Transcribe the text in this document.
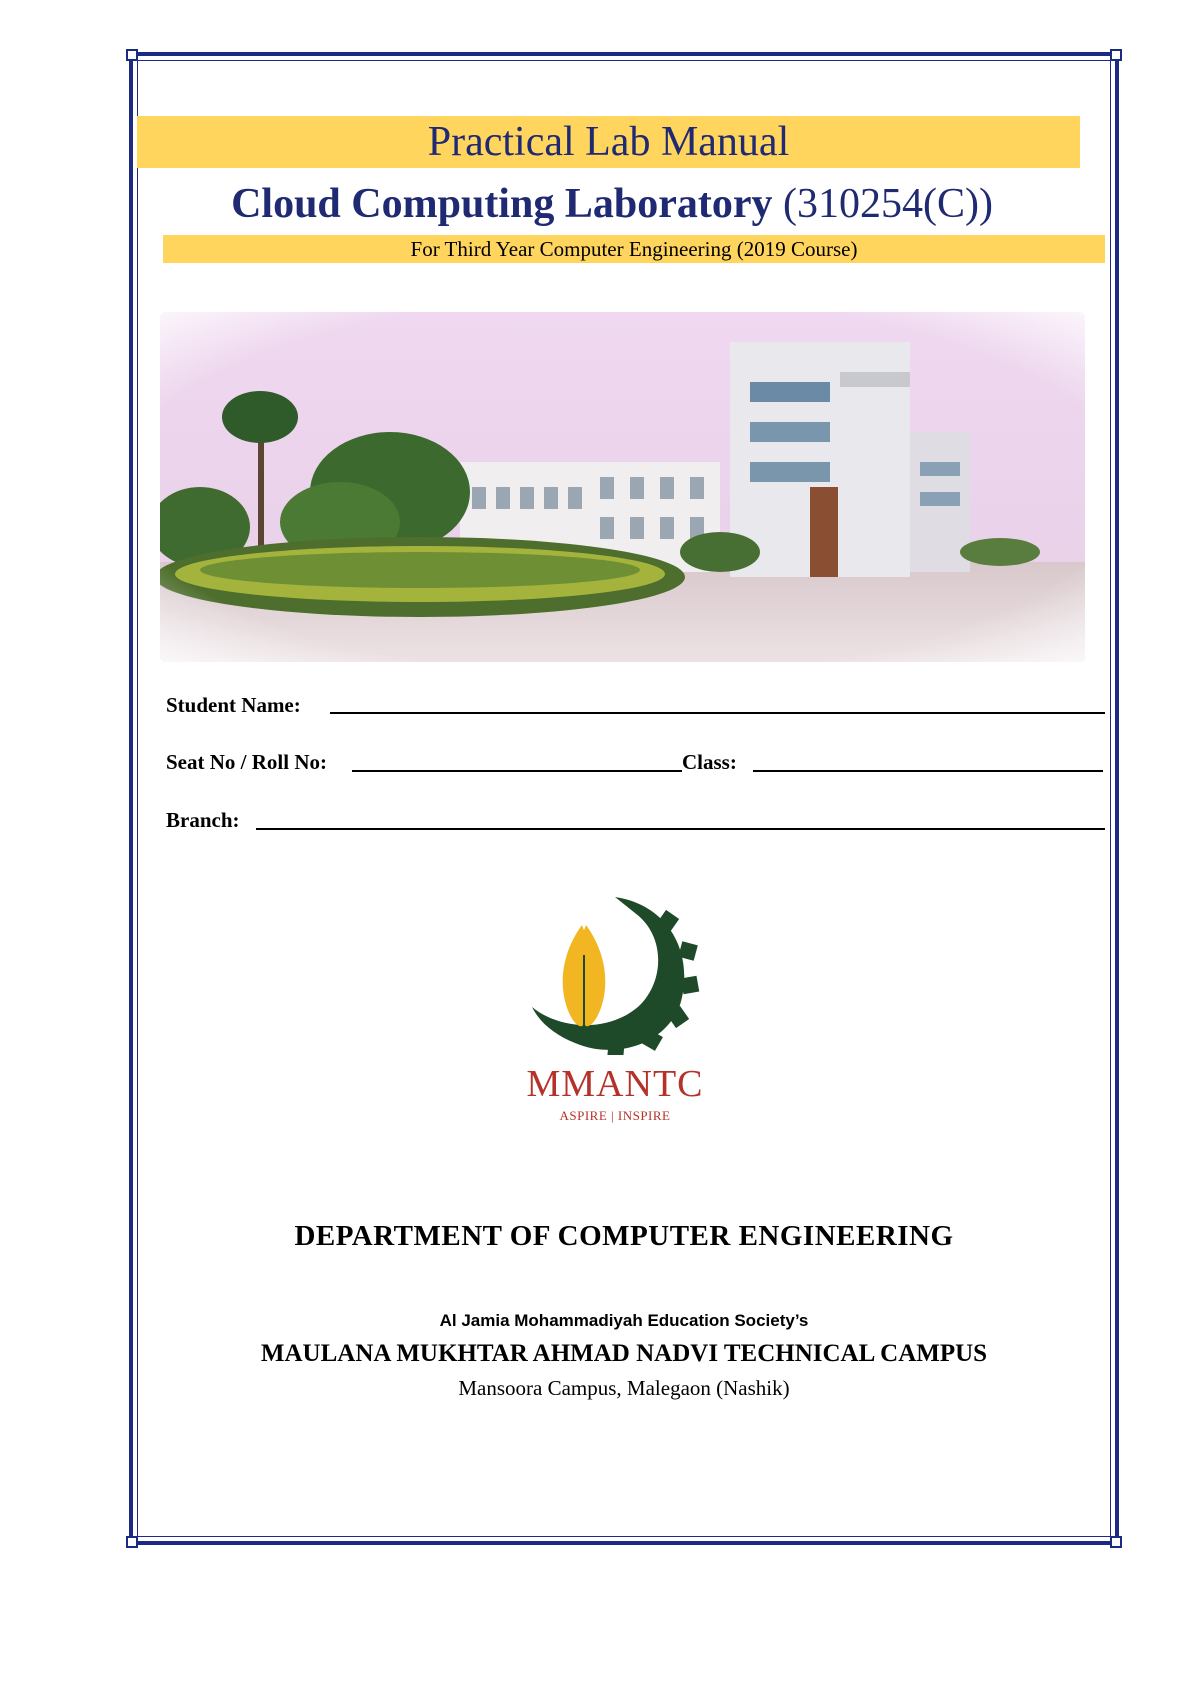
Practical Lab Manual
Cloud Computing Laboratory (310254(C))
For Third Year Computer Engineering (2019 Course)
Student Name:
Seat No / Roll No:	Class:
Branch:
MMANTC
ASPIRE | INSPIRE
DEPARTMENT OF COMPUTER ENGINEERING
Al Jamia Mohammadiyah Education Society’s
MAULANA MUKHTAR AHMAD NADVI TECHNICAL CAMPUS
Mansoora Campus, Malegaon (Nashik)
